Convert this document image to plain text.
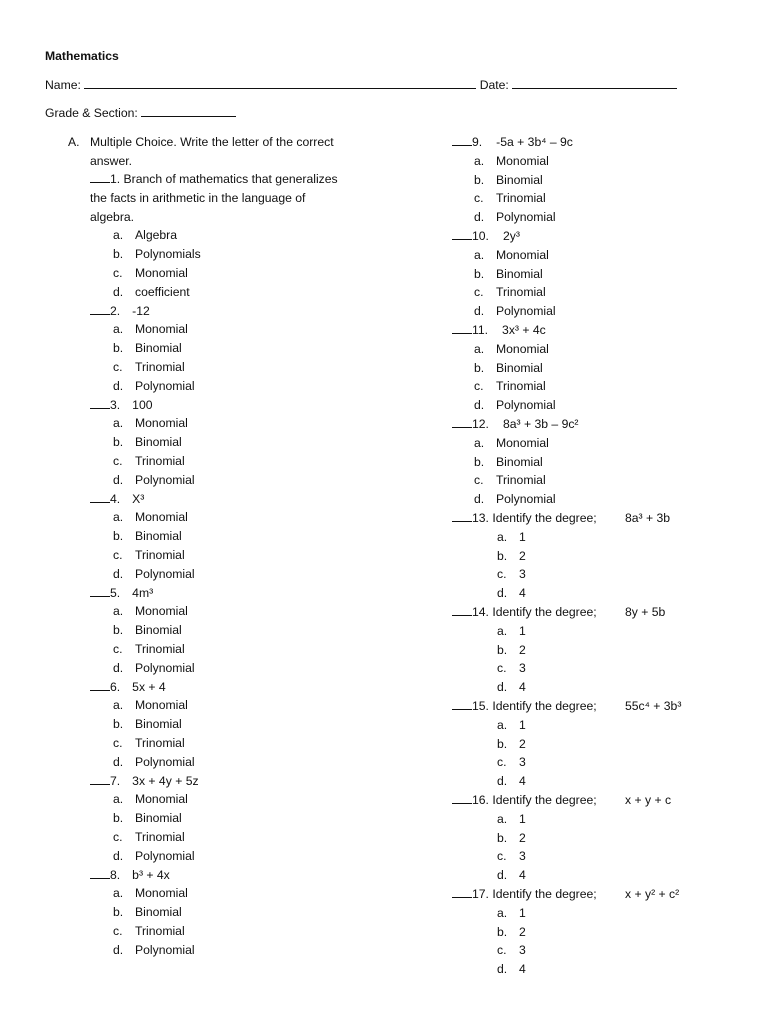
Mathematics
Name:	Date:
Grade & Section:
A. Multiple Choice. Write the letter of the correct
answer.
1. Branch of mathematics that generalizes
the facts in arithmetic in the language of
algebra.
a. Algebra
b. Polynomials
c. Monomial
d. coefficient
2. -12
a. Monomial
b. Binomial
c. Trinomial
d. Polynomial
3. 100
a. Monomial
b. Binomial
c. Trinomial
d. Polynomial
4. X³
a. Monomial
b. Binomial
c. Trinomial
d. Polynomial
5. 4m³
a. Monomial
b. Binomial
c. Trinomial
d. Polynomial
6. 5x + 4
a. Monomial
b. Binomial
c. Trinomial
d. Polynomial
7. 3x + 4y + 5z
a. Monomial
b. Binomial
c. Trinomial
d. Polynomial
8. b³ + 4x
a. Monomial
b. Binomial
c. Trinomial
d. Polynomial
9. -5a + 3b⁴ – 9c
a. Monomial
b. Binomial
c. Trinomial
d. Polynomial
10. 2y³
a. Monomial
b. Binomial
c. Trinomial
d. Polynomial
11. 3x³ + 4c
a. Monomial
b. Binomial
c. Trinomial
d. Polynomial
12. 8a³ + 3b – 9c²
a. Monomial
b. Binomial
c. Trinomial
d. Polynomial
13. Identify the degree; 8a³ + 3b
a. 1
b. 2
c. 3
d. 4
14. Identify the degree; 8y + 5b
a. 1
b. 2
c. 3
d. 4
15. Identify the degree; 55c⁴ + 3b³
a. 1
b. 2
c. 3
d. 4
16. Identify the degree; x + y + c
a. 1
b. 2
c. 3
d. 4
17. Identify the degree; x + y² + c²
a. 1
b. 2
c. 3
d. 4
